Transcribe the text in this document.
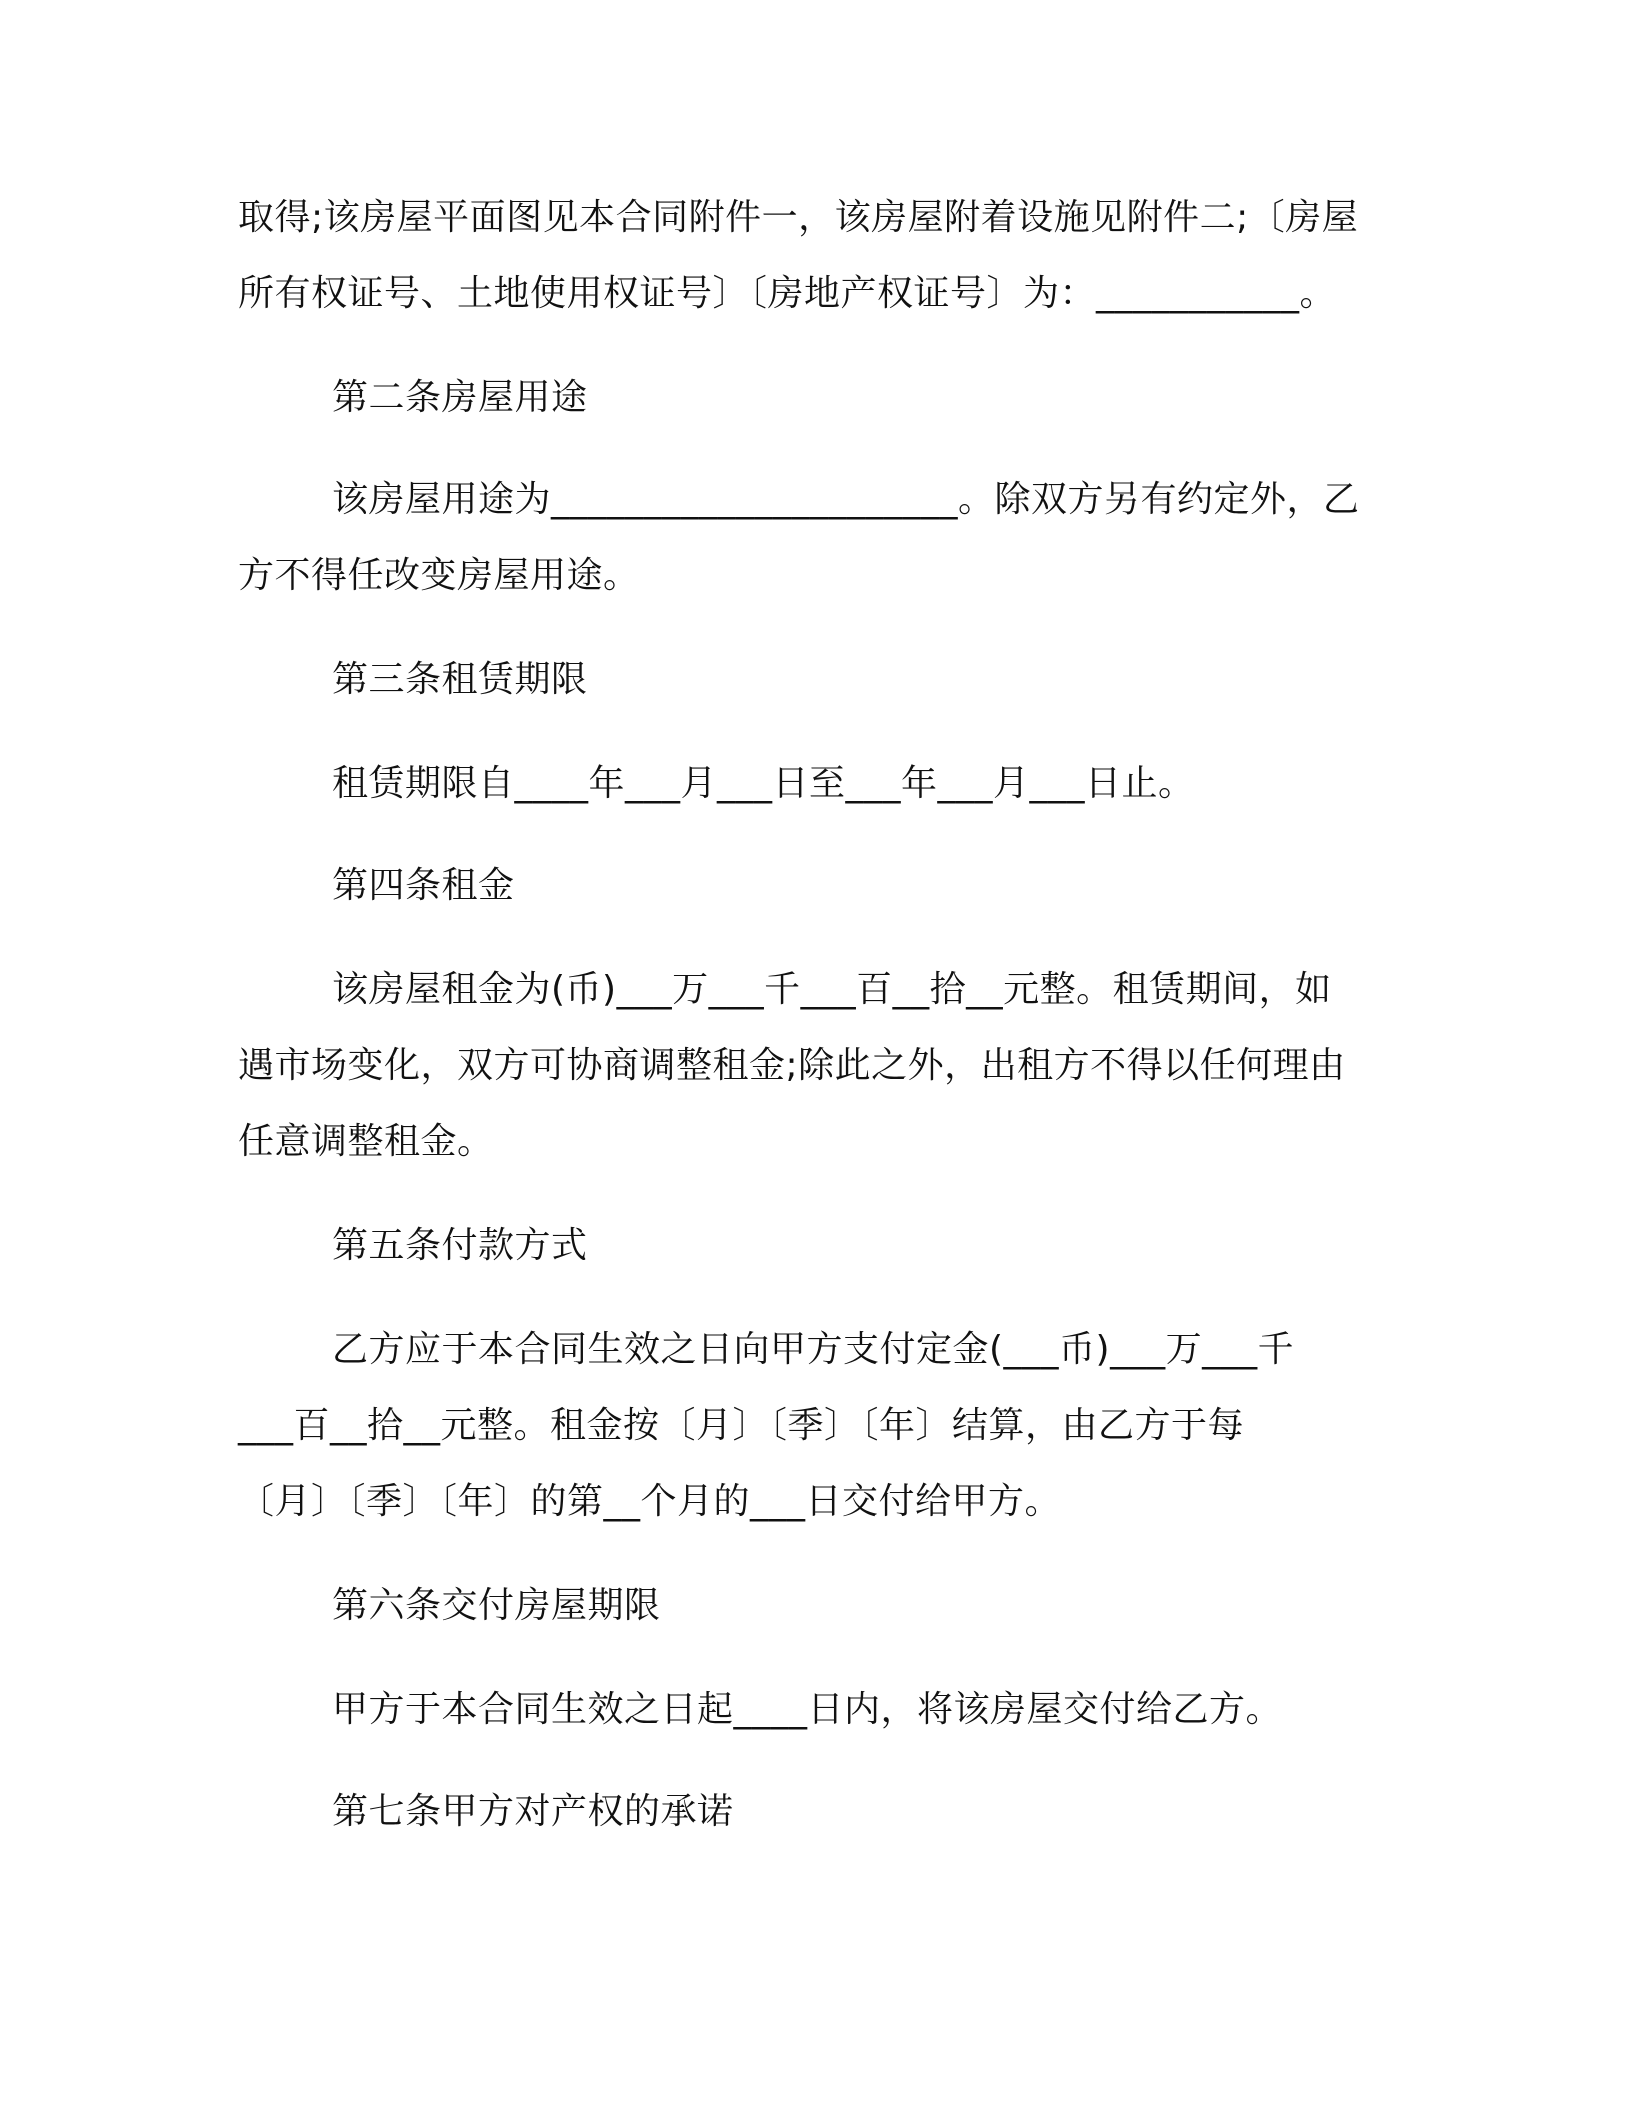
取得;该房屋平面图见本合同附件一，该房屋附着设施见附件二;〔房屋
所有权证号、土地使用权证号〕〔房地产权证号〕为：___________。
第二条房屋用途
该房屋用途为______________________。除双方另有约定外，乙
方不得任改变房屋用途。
第三条租赁期限
租赁期限自____年___月___日至___年___月___日止。
第四条租金
该房屋租金为(币)___万___千___百__拾__元整。租赁期间，如
遇市场变化，双方可协商调整租金;除此之外，出租方不得以任何理由
任意调整租金。
第五条付款方式
乙方应于本合同生效之日向甲方支付定金(___币)___万___千
___百__拾__元整。租金按〔月〕〔季〕〔年〕结算，由乙方于每
〔月〕〔季〕〔年〕的第__个月的___日交付给甲方。
第六条交付房屋期限
甲方于本合同生效之日起____日内，将该房屋交付给乙方。
第七条甲方对产权的承诺
